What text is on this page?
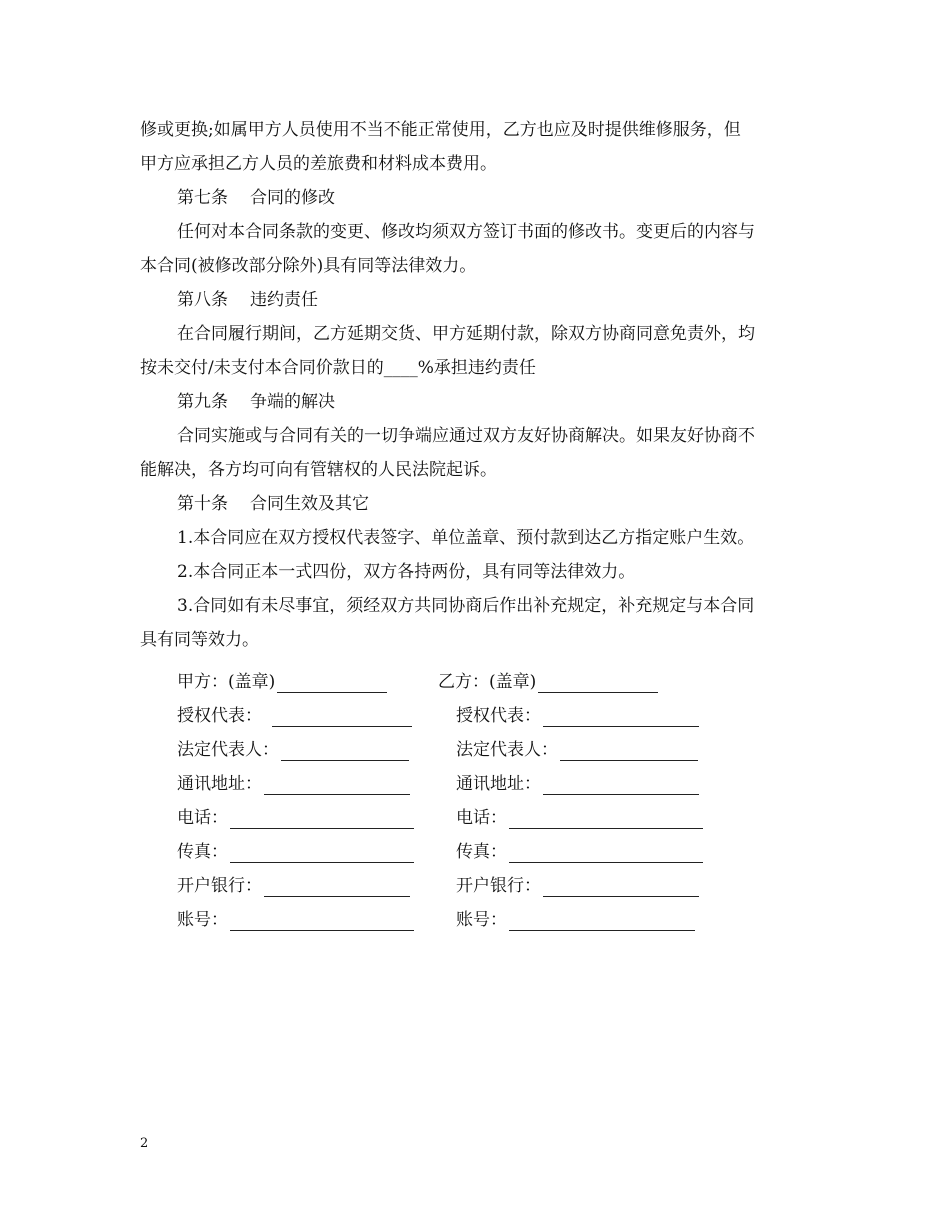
修或更换;如属甲方人员使用不当不能正常使用，乙方也应及时提供维修服务，但
甲方应承担乙方人员的差旅费和材料成本费用。
第七条 合同的修改
任何对本合同条款的变更、修改均须双方签订书面的修改书。变更后的内容与
本合同(被修改部分除外)具有同等法律效力。
第八条 违约责任
在合同履行期间，乙方延期交货、甲方延期付款，除双方协商同意免责外，均
按未交付/未支付本合同价款日的____%承担违约责任
第九条 争端的解决
合同实施或与合同有关的一切争端应通过双方友好协商解决。如果友好协商不
能解决，各方均可向有管辖权的人民法院起诉。
第十条 合同生效及其它
1.本合同应在双方授权代表签字、单位盖章、预付款到达乙方指定账户生效。
2.本合同正本一式四份，双方各持两份，具有同等法律效力。
3.合同如有未尽事宜，须经双方共同协商后作出补充规定，补充规定与本合同
具有同等效力。
甲方：(盖章)	乙方：(盖章)
授权代表：	授权代表：
法定代表人：	法定代表人：
通讯地址：	通讯地址：
电话：	电话：
传真：	传真：
开户银行：	开户银行：
账号：	账号：
2
